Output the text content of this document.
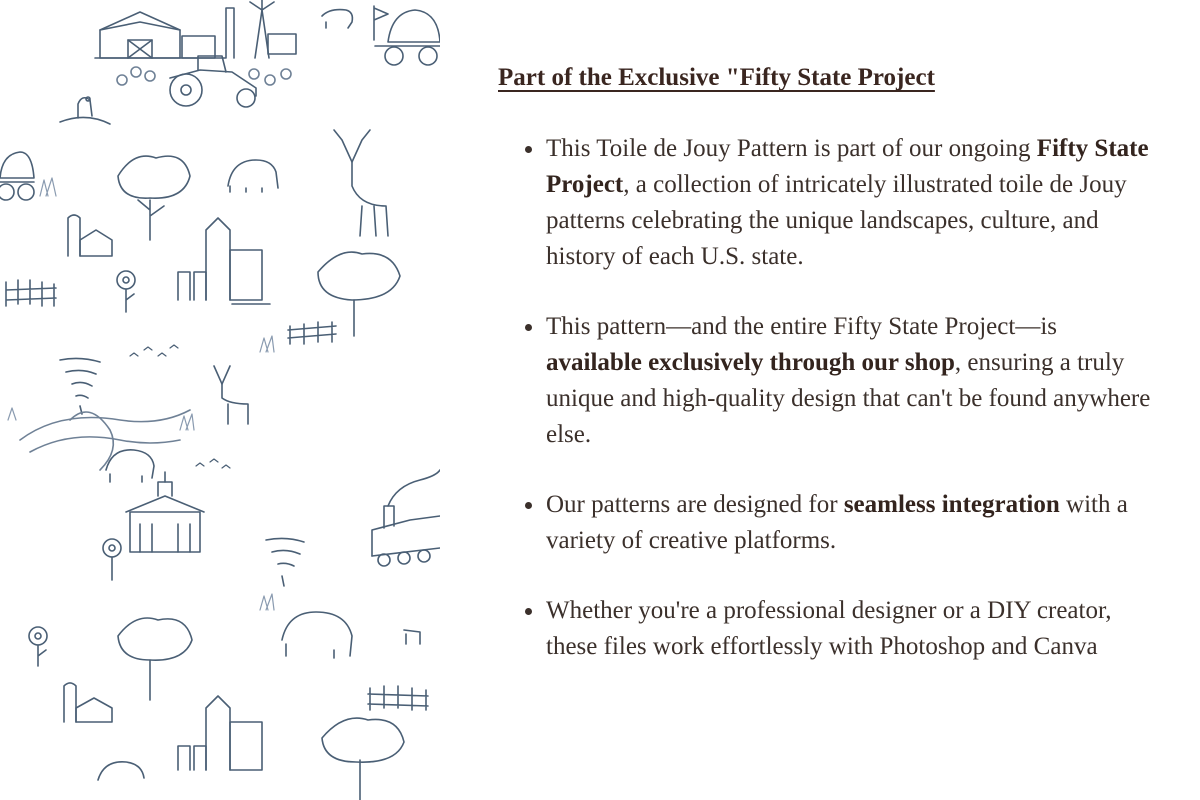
Part of the Exclusive "Fifty State Project
This Toile de Jouy Pattern is part of our ongoing Fifty State Project, a collection of intricately illustrated toile de Jouy patterns celebrating the unique landscapes, culture, and history of each U.S. state.
This pattern—and the entire Fifty State Project—is available exclusively through our shop, ensuring a truly unique and high-quality design that can't be found anywhere else.
Our patterns are designed for seamless integration with a variety of creative platforms.
Whether you're a professional designer or a DIY creator, these files work effortlessly with Photoshop and Canva
